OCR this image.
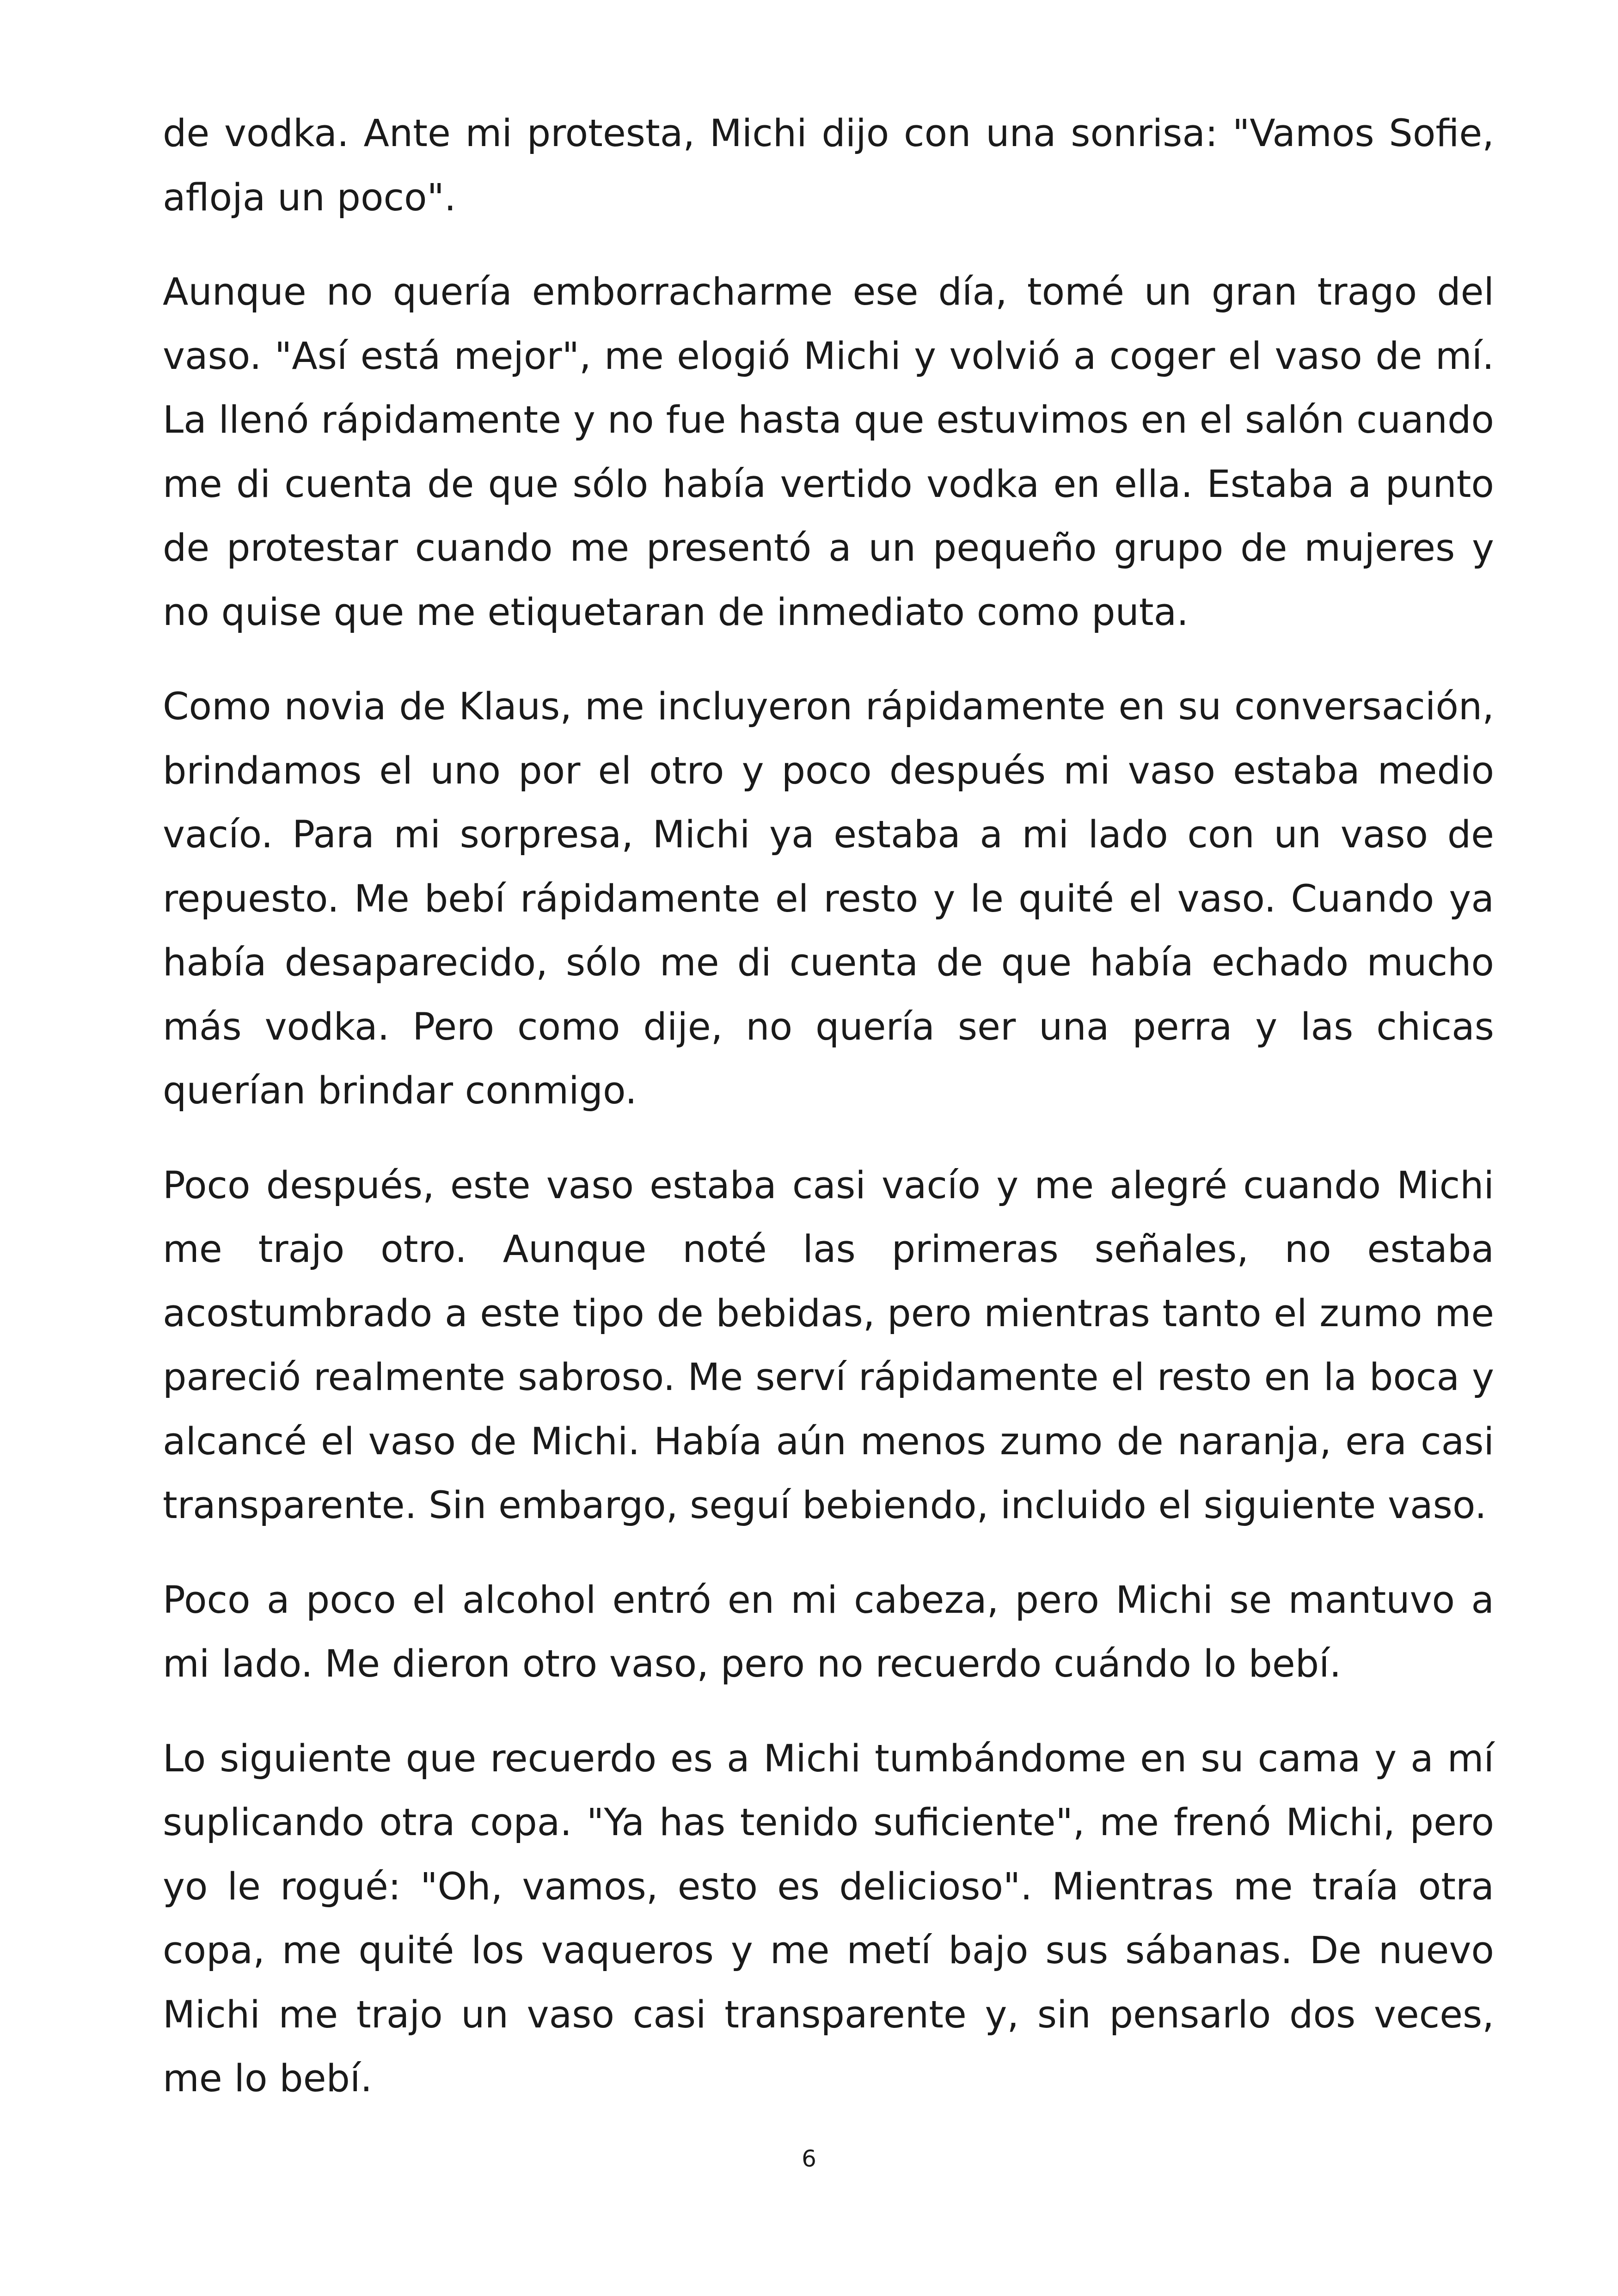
de vodka. Ante mi protesta, Michi dijo con una sonrisa: "Vamos Sofie, afloja un poco".

Aunque no quería emborracharme ese día, tomé un gran trago del vaso. "Así está mejor", me elogió Michi y volvió a coger el vaso de mí. La llenó rápidamente y no fue hasta que estuvimos en el salón cuando me di cuenta de que sólo había vertido vodka en ella. Estaba a punto de protestar cuando me presentó a un pequeño grupo de mujeres y no quise que me etiquetaran de inmediato como puta.

Como novia de Klaus, me incluyeron rápidamente en su conversación, brindamos el uno por el otro y poco después mi vaso estaba medio vacío. Para mi sorpresa, Michi ya estaba a mi lado con un vaso de repuesto. Me bebí rápidamente el resto y le quité el vaso. Cuando ya había desaparecido, sólo me di cuenta de que había echado mucho más vodka. Pero como dije, no quería ser una perra y las chicas querían brindar conmigo.

Poco después, este vaso estaba casi vacío y me alegré cuando Michi me trajo otro. Aunque noté las primeras señales, no estaba acostumbrado a este tipo de bebidas, pero mientras tanto el zumo me pareció realmente sabroso. Me serví rápidamente el resto en la boca y alcancé el vaso de Michi. Había aún menos zumo de naranja, era casi transparente. Sin embargo, seguí bebiendo, incluido el siguiente vaso.

Poco a poco el alcohol entró en mi cabeza, pero Michi se mantuvo a mi lado. Me dieron otro vaso, pero no recuerdo cuándo lo bebí.

Lo siguiente que recuerdo es a Michi tumbándome en su cama y a mí suplicando otra copa. "Ya has tenido suficiente", me frenó Michi, pero yo le rogué: "Oh, vamos, esto es delicioso". Mientras me traía otra copa, me quité los vaqueros y me metí bajo sus sábanas. De nuevo Michi me trajo un vaso casi transparente y, sin pensarlo dos veces, me lo bebí.

6
